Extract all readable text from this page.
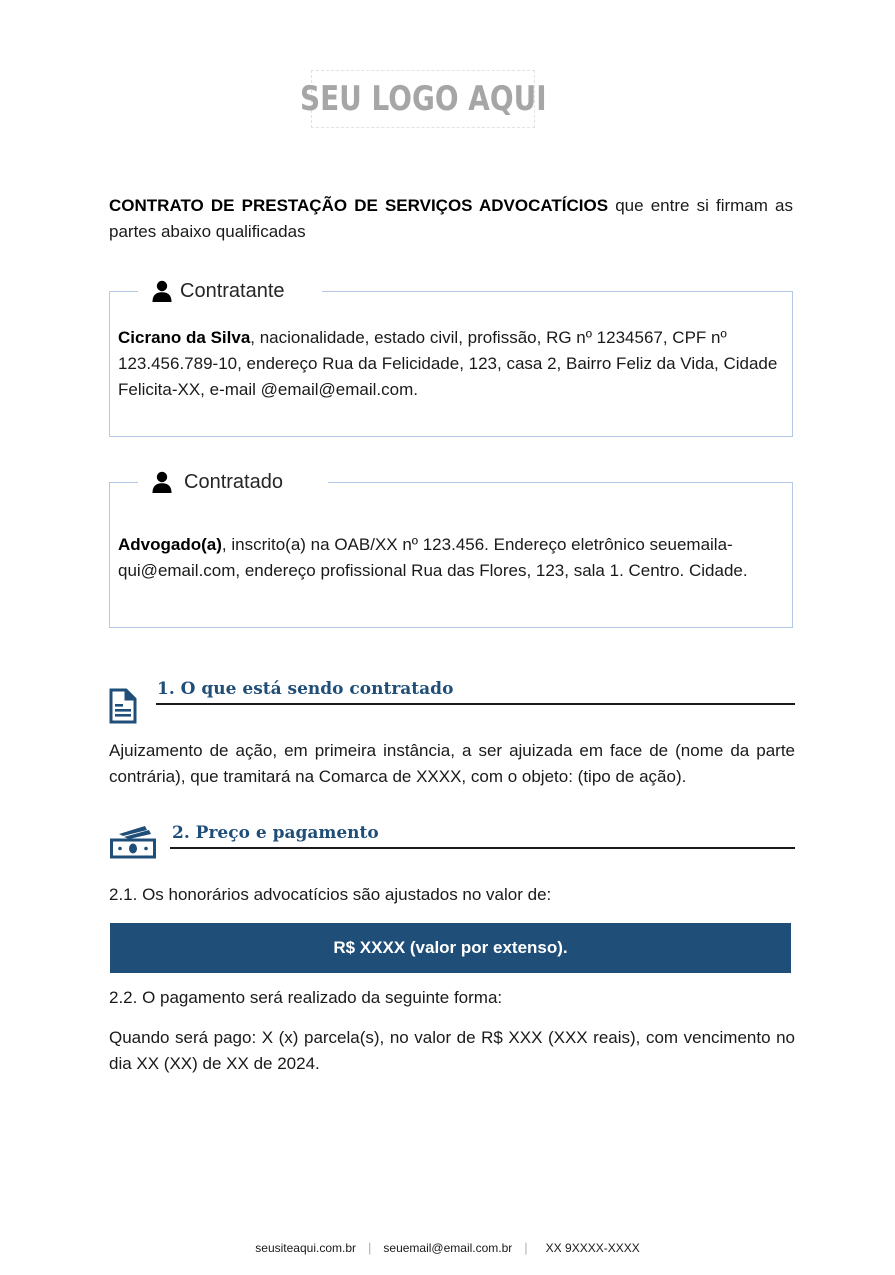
SEU LOGO AQUI

CONTRATO DE PRESTAÇÃO DE SERVIÇOS ADVOCATÍCIOS que entre si firmam as partes abaixo qualificadas

Contratante

Cicrano da Silva, nacionalidade, estado civil, profissão, RG nº 1234567, CPF nº 123.456.789-10, endereço Rua da Felicidade, 123, casa 2, Bairro Feliz da Vida, Cidade Felicita-XX, e-mail @email@email.com.

Contratado

Advogado(a), inscrito(a) na OAB/XX nº 123.456. Endereço eletrônico seuemailaqui@email.com, endereço profissional Rua das Flores, 123, sala 1. Centro. Cidade.

1. O que está sendo contratado

Ajuizamento de ação, em primeira instância, a ser ajuizada em face de (nome da parte contrária), que tramitará na Comarca de XXXX, com o objeto: (tipo de ação).

2. Preço e pagamento

2.1. Os honorários advocatícios são ajustados no valor de:

R$ XXXX (valor por extenso).

2.2. O pagamento será realizado da seguinte forma:

Quando será pago: X (x) parcela(s), no valor de R$ XXX (XXX reais), com vencimento no dia XX (XX) de XX de 2024.

seusiteaqui.com.br | seuemail@email.com.br | XX 9XXXX-XXXX
